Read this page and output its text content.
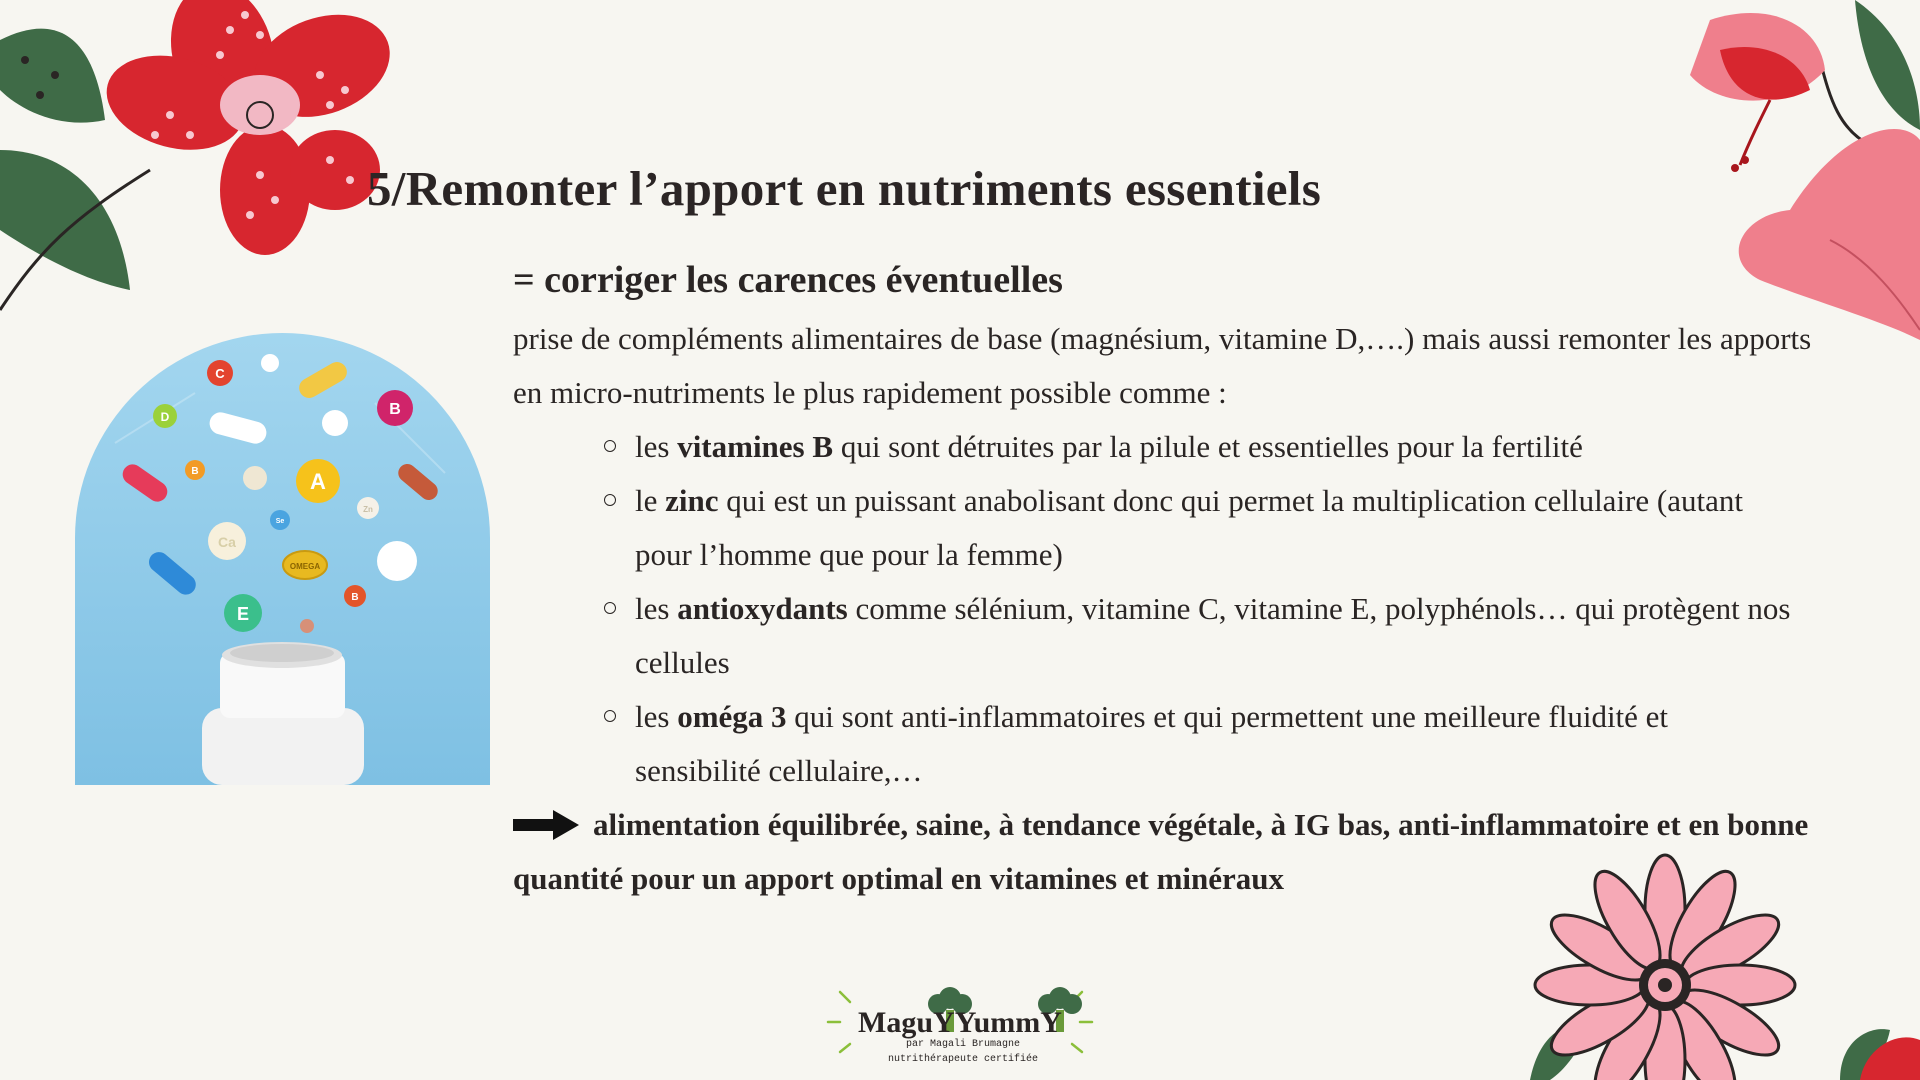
C
D
B	A
B
Ca
Se
Zn
OMEGA
E
B
5/Remonter l’apport en nutriments essentiels

= corriger les carences éventuelles

prise de compléments alimentaires de base (magnésium, vitamine D,….) mais aussi remonter les apports en micro-nutriments le plus rapidement possible comme :

les vitamines B qui sont détruites par la pilule et essentielles pour la fertilité
le zinc qui est un puissant anabolisant donc qui permet la multiplication cellulaire (autant pour l’homme que pour la femme)
les antioxydants comme sélénium, vitamine C, vitamine E, polyphénols… qui protègent nos cellules
les oméga 3 qui sont anti-inflammatoires et qui permettent une meilleure fluidité et sensibilité cellulaire,…

alimentation équilibrée, saine, à tendance végétale, à IG bas, anti-inflammatoire et en bonne quantité pour un apport optimal en vitamines et minéraux

MaguYYummY
par Magali Brumagne
nutrithérapeute certifiée
